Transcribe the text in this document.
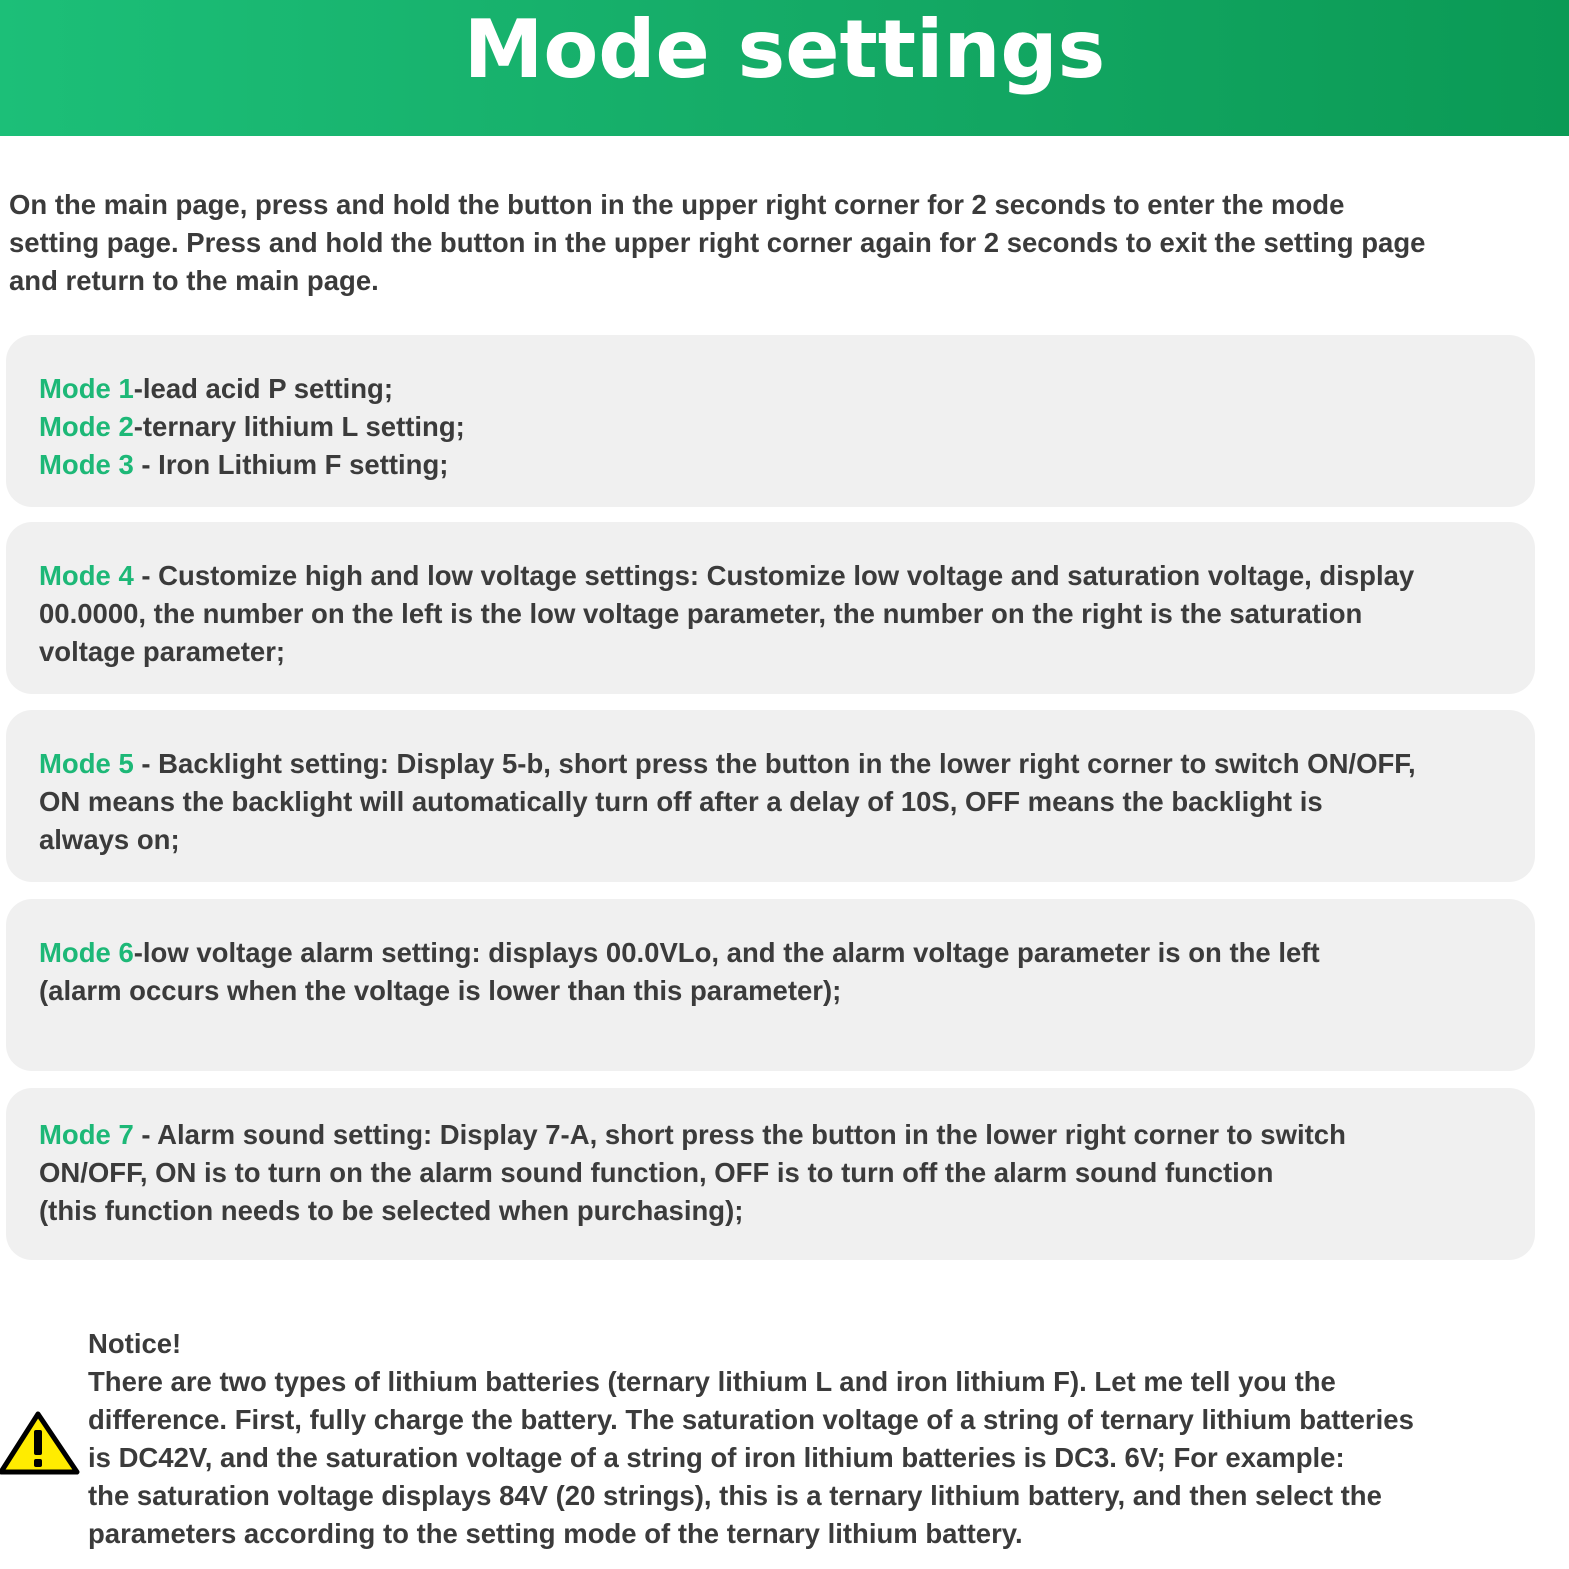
Mode settings
On the main page, press and hold the button in the upper right corner for 2 seconds to enter the mode
setting page. Press and hold the button in the upper right corner again for 2 seconds to exit the setting page
and return to the main page.
Mode 1-lead acid P setting;
Mode 2-ternary lithium L setting;
Mode 3 - Iron Lithium F setting;
Mode 4 - Customize high and low voltage settings: Customize low voltage and saturation voltage, display
00.0000, the number on the left is the low voltage parameter, the number on the right is the saturation
voltage parameter;
Mode 5 - Backlight setting: Display 5-b, short press the button in the lower right corner to switch ON/OFF,
ON means the backlight will automatically turn off after a delay of 10S, OFF means the backlight is
always on;
Mode 6-low voltage alarm setting: displays 00.0VLo, and the alarm voltage parameter is on the left
(alarm occurs when the voltage is lower than this parameter);
Mode 7 - Alarm sound setting: Display 7-A, short press the button in the lower right corner to switch
ON/OFF, ON is to turn on the alarm sound function, OFF is to turn off the alarm sound function
(this function needs to be selected when purchasing);
Notice!
There are two types of lithium batteries (ternary lithium L and iron lithium F). Let me tell you the
difference. First, fully charge the battery. The saturation voltage of a string of ternary lithium batteries
is DC42V, and the saturation voltage of a string of iron lithium batteries is DC3. 6V; For example:
the saturation voltage displays 84V (20 strings), this is a ternary lithium battery, and then select the
parameters according to the setting mode of the ternary lithium battery.
